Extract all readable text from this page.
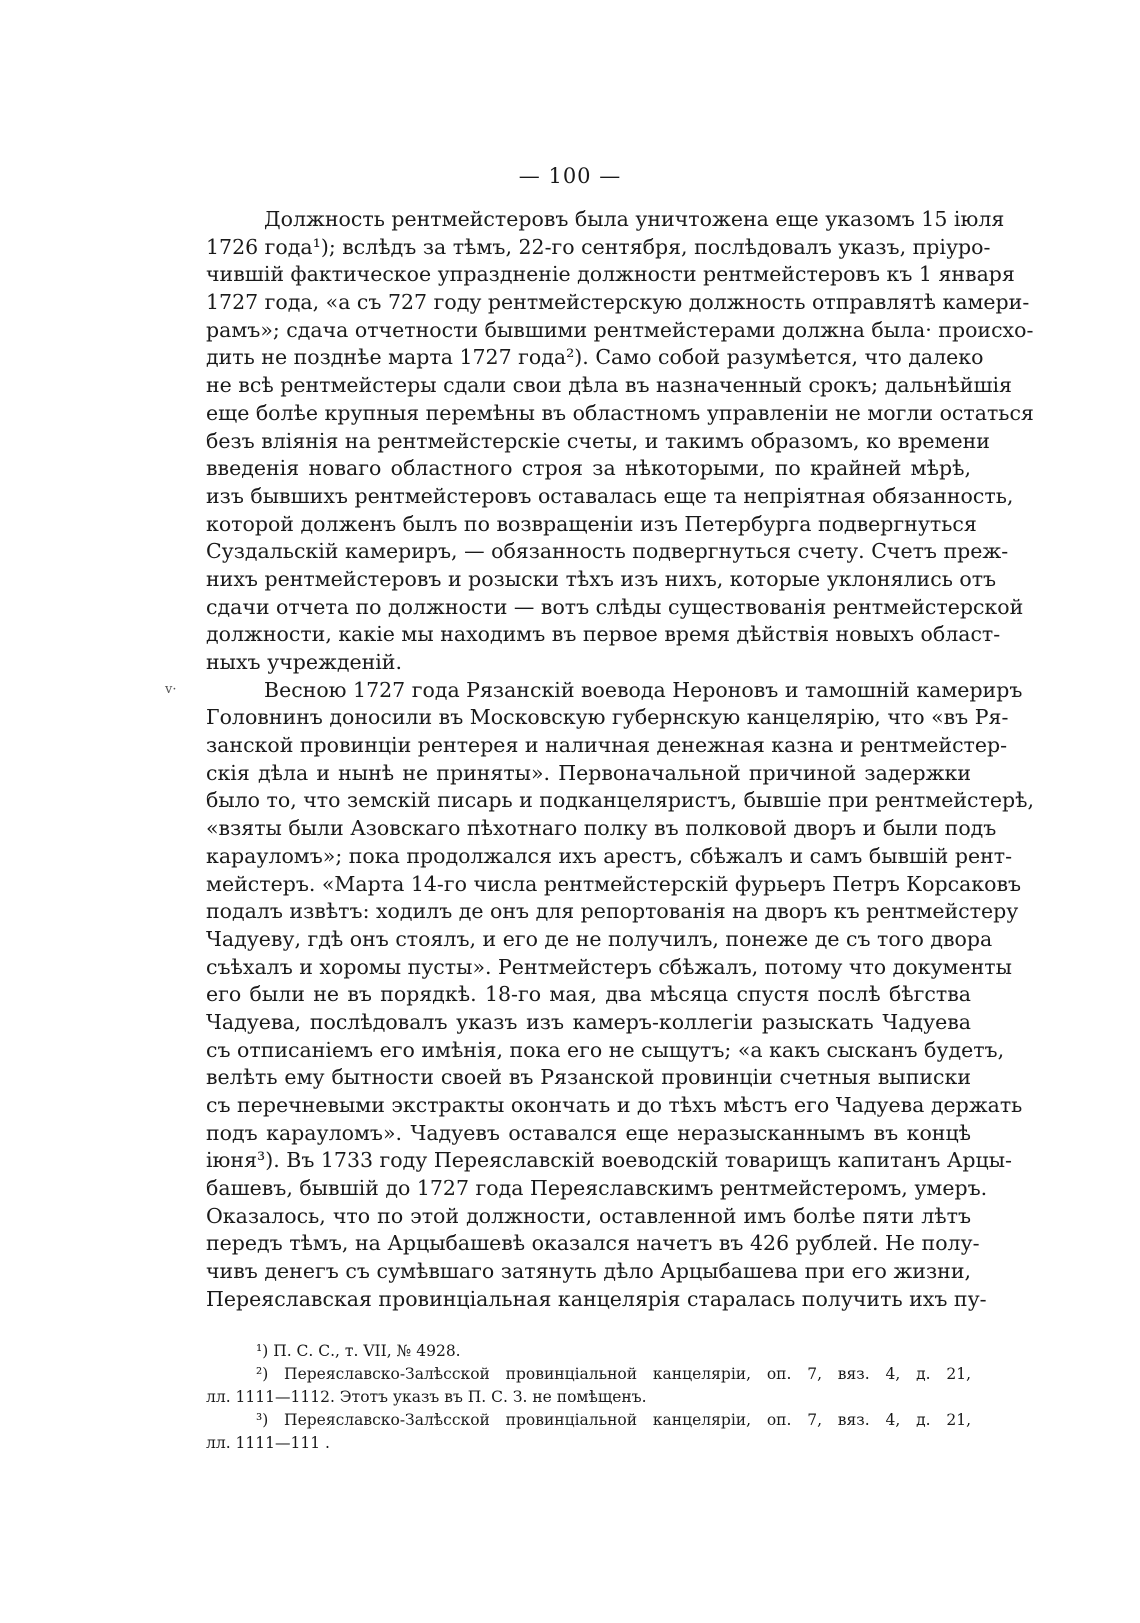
— 100 —
v·
Должность рентмейстеровъ была уничтожена еще указомъ 15 іюля
1726 года¹); вслѣдъ за тѣмъ, 22-го сентября, послѣдовалъ указъ, пріуро-
чившій фактическое упраздненіе должности рентмейстеровъ къ 1 января
1727 года, «а съ 727 году рентмейстерскую должность отправлятѣ камери-
рамъ»; сдача отчетности бывшими рентмейстерами должна была· происхо-
дить не позднѣе марта 1727 года²). Само собой разумѣется, что далеко
не всѣ рентмейстеры сдали свои дѣла въ назначенный срокъ; дальнѣйшія
еще болѣе крупныя перемѣны въ областномъ управленіи не могли остаться
безъ вліянія на рентмейстерскіе счеты, и такимъ образомъ, ко времени
введенія новаго областного строя за нѣкоторыми, по крайней мѣрѣ,
изъ бывшихъ рентмейстеровъ оставалась еще та непріятная обязанность,
которой долженъ былъ по возвращеніи изъ Петербурга подвергнуться
Суздальскій камериръ, — обязанность подвергнуться счету. Счетъ преж-
нихъ рентмейстеровъ и розыски тѣхъ изъ нихъ, которые уклонялись отъ
сдачи отчета по должности — вотъ слѣды существованія рентмейстерской
должности, какіе мы находимъ въ первое время дѣйствія новыхъ област-
ныхъ учрежденій.
Весною 1727 года Рязанскій воевода Нероновъ и тамошній камериръ
Головнинъ доносили въ Московскую губернскую канцелярію, что «въ Ря-
занской провинціи рентерея и наличная денежная казна и рентмейстер-
скія дѣла и нынѣ не приняты». Первоначальной причиной задержки
было то, что земскій писарь и подканцеляристъ, бывшіе при рентмейстерѣ,
«взяты были Азовскаго пѣхотнаго полку въ полковой дворъ и были подъ
карауломъ»; пока продолжался ихъ арестъ, сбѣжалъ и самъ бывшій рент-
мейстеръ. «Марта 14-го числа рентмейстерскій фурьеръ Петръ Корсаковъ
подалъ извѣтъ: ходилъ де онъ для репортованія на дворъ къ рентмейстеру
Чадуеву, гдѣ онъ стоялъ, и его де не получилъ, понеже де съ того двора
съѣхалъ и хоромы пусты». Рентмейстеръ сбѣжалъ, потому что документы
его были не въ порядкѣ. 18-го мая, два мѣсяца спустя послѣ бѣгства
Чадуева, послѣдовалъ указъ изъ камеръ-коллегіи разыскать Чадуева
съ отписаніемъ его имѣнія, пока его не сыщутъ; «а какъ сысканъ будетъ,
велѣть ему бытности своей въ Рязанской провинціи счетныя выписки
съ перечневыми экстракты окончать и до тѣхъ мѣстъ его Чадуева держать
подъ карауломъ». Чадуевъ оставался еще неразысканнымъ въ концѣ
іюня³). Въ 1733 году Переяславскій воеводскій товарищъ капитанъ Арцы-
башевъ, бывшій до 1727 года Переяславскимъ рентмейстеромъ, умеръ.
Оказалось, что по этой должности, оставленной имъ болѣе пяти лѣтъ
передъ тѣмъ, на Арцыбашевѣ оказался начетъ въ 426 рублей. Не полу-
чивъ денегъ съ сумѣвшаго затянуть дѣло Арцыбашева при его жизни,
Переяславская провинціальная канцелярія старалась получить ихъ пу-
¹) П. С. С., т. VII, № 4928.
²) Переяславско-Залѣсской провинціальной канцеляріи, оп. 7, вяз. 4, д. 21,
лл. 1111—1112. Этотъ указъ въ П. С. З. не помѣщенъ.
³) Переяславско-Залѣсской провинціальной канцеляріи, оп. 7, вяз. 4, д. 21,
лл. 1111—111 .
